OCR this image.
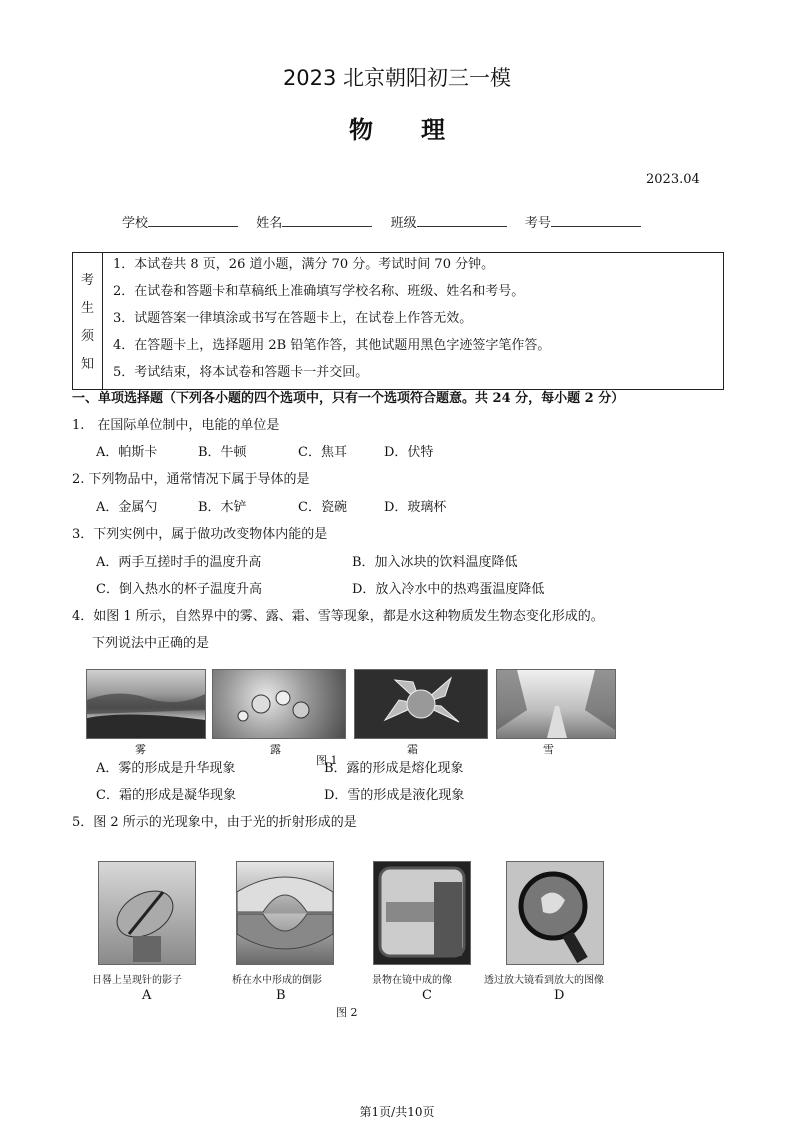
2023 北京朝阳初三一模
物　　理
2023.04
学校	姓名	班级	考号
考
生
须
知
1．本试卷共 8 页，26 道小题，满分 70 分。考试时间 70 分钟。
2．在试卷和答题卡和草稿纸上准确填写学校名称、班级、姓名和考号。
3．试题答案一律填涂或书写在答题卡上，在试卷上作答无效。
4．在答题卡上，选择题用 2B 铅笔作答，其他试题用黑色字迹签字笔作答。
5．考试结束，将本试卷和答题卡一并交回。
一、单项选择题（下列各小题的四个选项中，只有一个选项符合题意。共 24 分，每小题 2 分）
1.　在国际单位制中，电能的单位是
A．帕斯卡	B．牛顿	C．焦耳	D．伏特
2. 下列物品中，通常情况下属于导体的是
A．金属勺	B．木铲	C．瓷碗	D．玻璃杯
3．下列实例中，属于做功改变物体内能的是
A．两手互搓时手的温度升高	B．加入冰块的饮料温度降低
C．倒入热水的杯子温度升高	D．放入冷水中的热鸡蛋温度降低
4．如图 1 所示，自然界中的雾、露、霜、雪等现象，都是水这种物质发生物态变化形成的。
下列说法中正确的是
雾	露	霜	雪
图 1
A．雾的形成是升华现象	B．露的形成是熔化现象
C．霜的形成是凝华现象	D．雪的形成是液化现象
5．图 2 所示的光现象中，由于光的折射形成的是
日晷上呈现针的影子	桥在水中形成的倒影	景物在镜中成的像	透过放大镜看到放大的图像
A	B	C	D
图 2
第1页/共10页
